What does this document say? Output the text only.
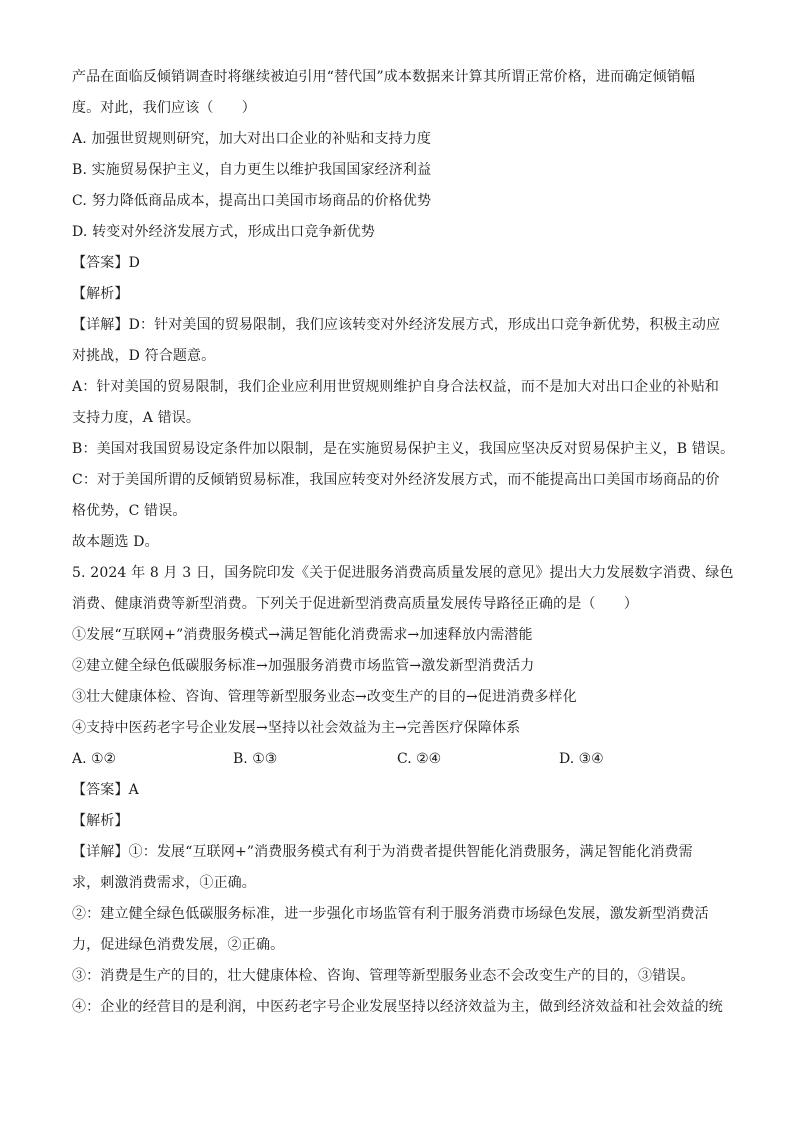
产品在面临反倾销调查时将继续被迫引用“替代国”成本数据来计算其所谓正常价格，进而确定倾销幅
度。对此，我们应该（　　）
A. 加强世贸规则研究，加大对出口企业的补贴和支持力度
B. 实施贸易保护主义，自力更生以维护我国国家经济利益
C. 努力降低商品成本，提高出口美国市场商品的价格优势
D. 转变对外经济发展方式，形成出口竞争新优势
【答案】D
【解析】
【详解】D：针对美国的贸易限制，我们应该转变对外经济发展方式，形成出口竞争新优势，积极主动应
对挑战，D 符合题意。
A：针对美国的贸易限制，我们企业应利用世贸规则维护自身合法权益，而不是加大对出口企业的补贴和
支持力度，A 错误。
B：美国对我国贸易设定条件加以限制，是在实施贸易保护主义，我国应坚决反对贸易保护主义，B 错误。
C：对于美国所谓的反倾销贸易标准，我国应转变对外经济发展方式，而不能提高出口美国市场商品的价
格优势，C 错误。
故本题选 D。
5. 2024 年 8 月 3 日，国务院印发《关于促进服务消费高质量发展的意见》提出大力发展数字消费、绿色
消费、健康消费等新型消费。下列关于促进新型消费高质量发展传导路径正确的是（　　）
①发展“互联网+”消费服务模式→满足智能化消费需求→加速释放内需潜能
②建立健全绿色低碳服务标准→加强服务消费市场监管→激发新型消费活力
③壮大健康体检、咨询、管理等新型服务业态→改变生产的目的→促进消费多样化
④支持中医药老字号企业发展→坚持以社会效益为主→完善医疗保障体系
A. ①②	B. ①③	C. ②④	D. ③④
【答案】A
【解析】
【详解】①：发展“互联网+”消费服务模式有利于为消费者提供智能化消费服务，满足智能化消费需
求，刺激消费需求，①正确。
②：建立健全绿色低碳服务标准，进一步强化市场监管有利于服务消费市场绿色发展，激发新型消费活
力，促进绿色消费发展，②正确。
③：消费是生产的目的，壮大健康体检、咨询、管理等新型服务业态不会改变生产的目的，③错误。
④：企业的经营目的是利润，中医药老字号企业发展坚持以经济效益为主，做到经济效益和社会效益的统
